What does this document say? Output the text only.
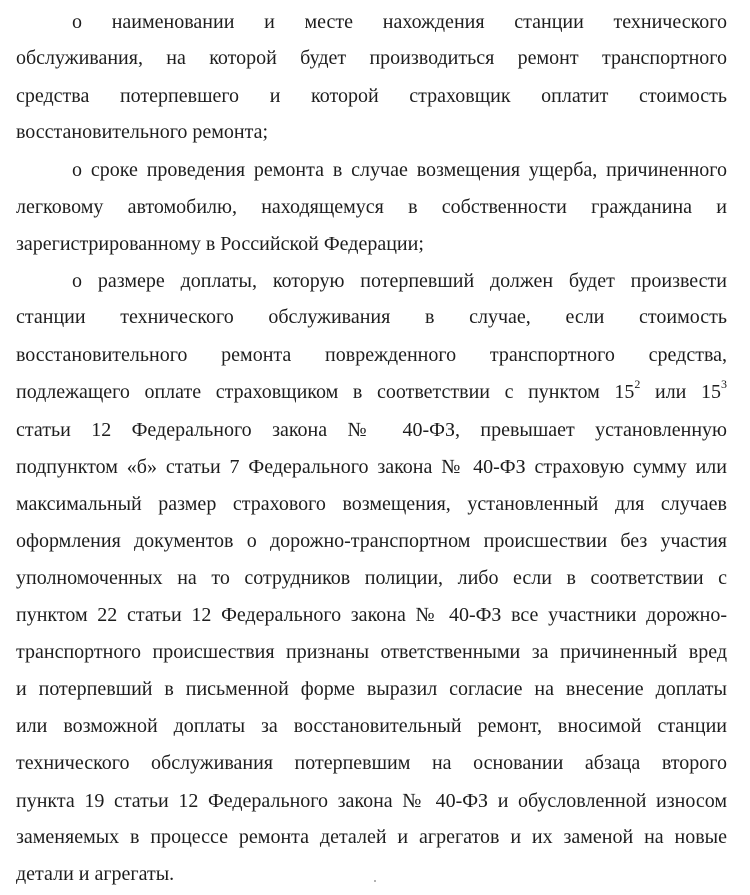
о наименовании и месте нахождения станции технического
обслуживания, на которой будет производиться ремонт транспортного
средства потерпевшего и которой страховщик оплатит стоимость
восстановительного ремонта;
о сроке проведения ремонта в случае возмещения ущерба, причиненного
легковому автомобилю, находящемуся в собственности гражданина и
зарегистрированному в Российской Федерации;
о размере доплаты, которую потерпевший должен будет произвести
станции технического обслуживания в случае, если стоимость
восстановительного ремонта поврежденного транспортного средства,
подлежащего оплате страховщиком в соответствии с пунктом $15^2$ или $15^3$
статьи 12 Федерального закона № 40-ФЗ, превышает установленную
подпунктом «б» статьи 7 Федерального закона № 40-ФЗ страховую сумму или
максимальный размер страхового возмещения, установленный для случаев
оформления документов о дорожно-транспортном происшествии без участия
уполномоченных на то сотрудников полиции, либо если в соответствии с
пунктом 22 статьи 12 Федерального закона № 40-ФЗ все участники дорожно-
транспортного происшествия признаны ответственными за причиненный вред
и потерпевший в письменной форме выразил согласие на внесение доплаты
или возможной доплаты за восстановительный ремонт, вносимой станции
технического обслуживания потерпевшим на основании абзаца второго
пункта 19 статьи 12 Федерального закона № 40-ФЗ и обусловленной износом
заменяемых в процессе ремонта деталей и агрегатов и их заменой на новые
детали и агрегаты.
